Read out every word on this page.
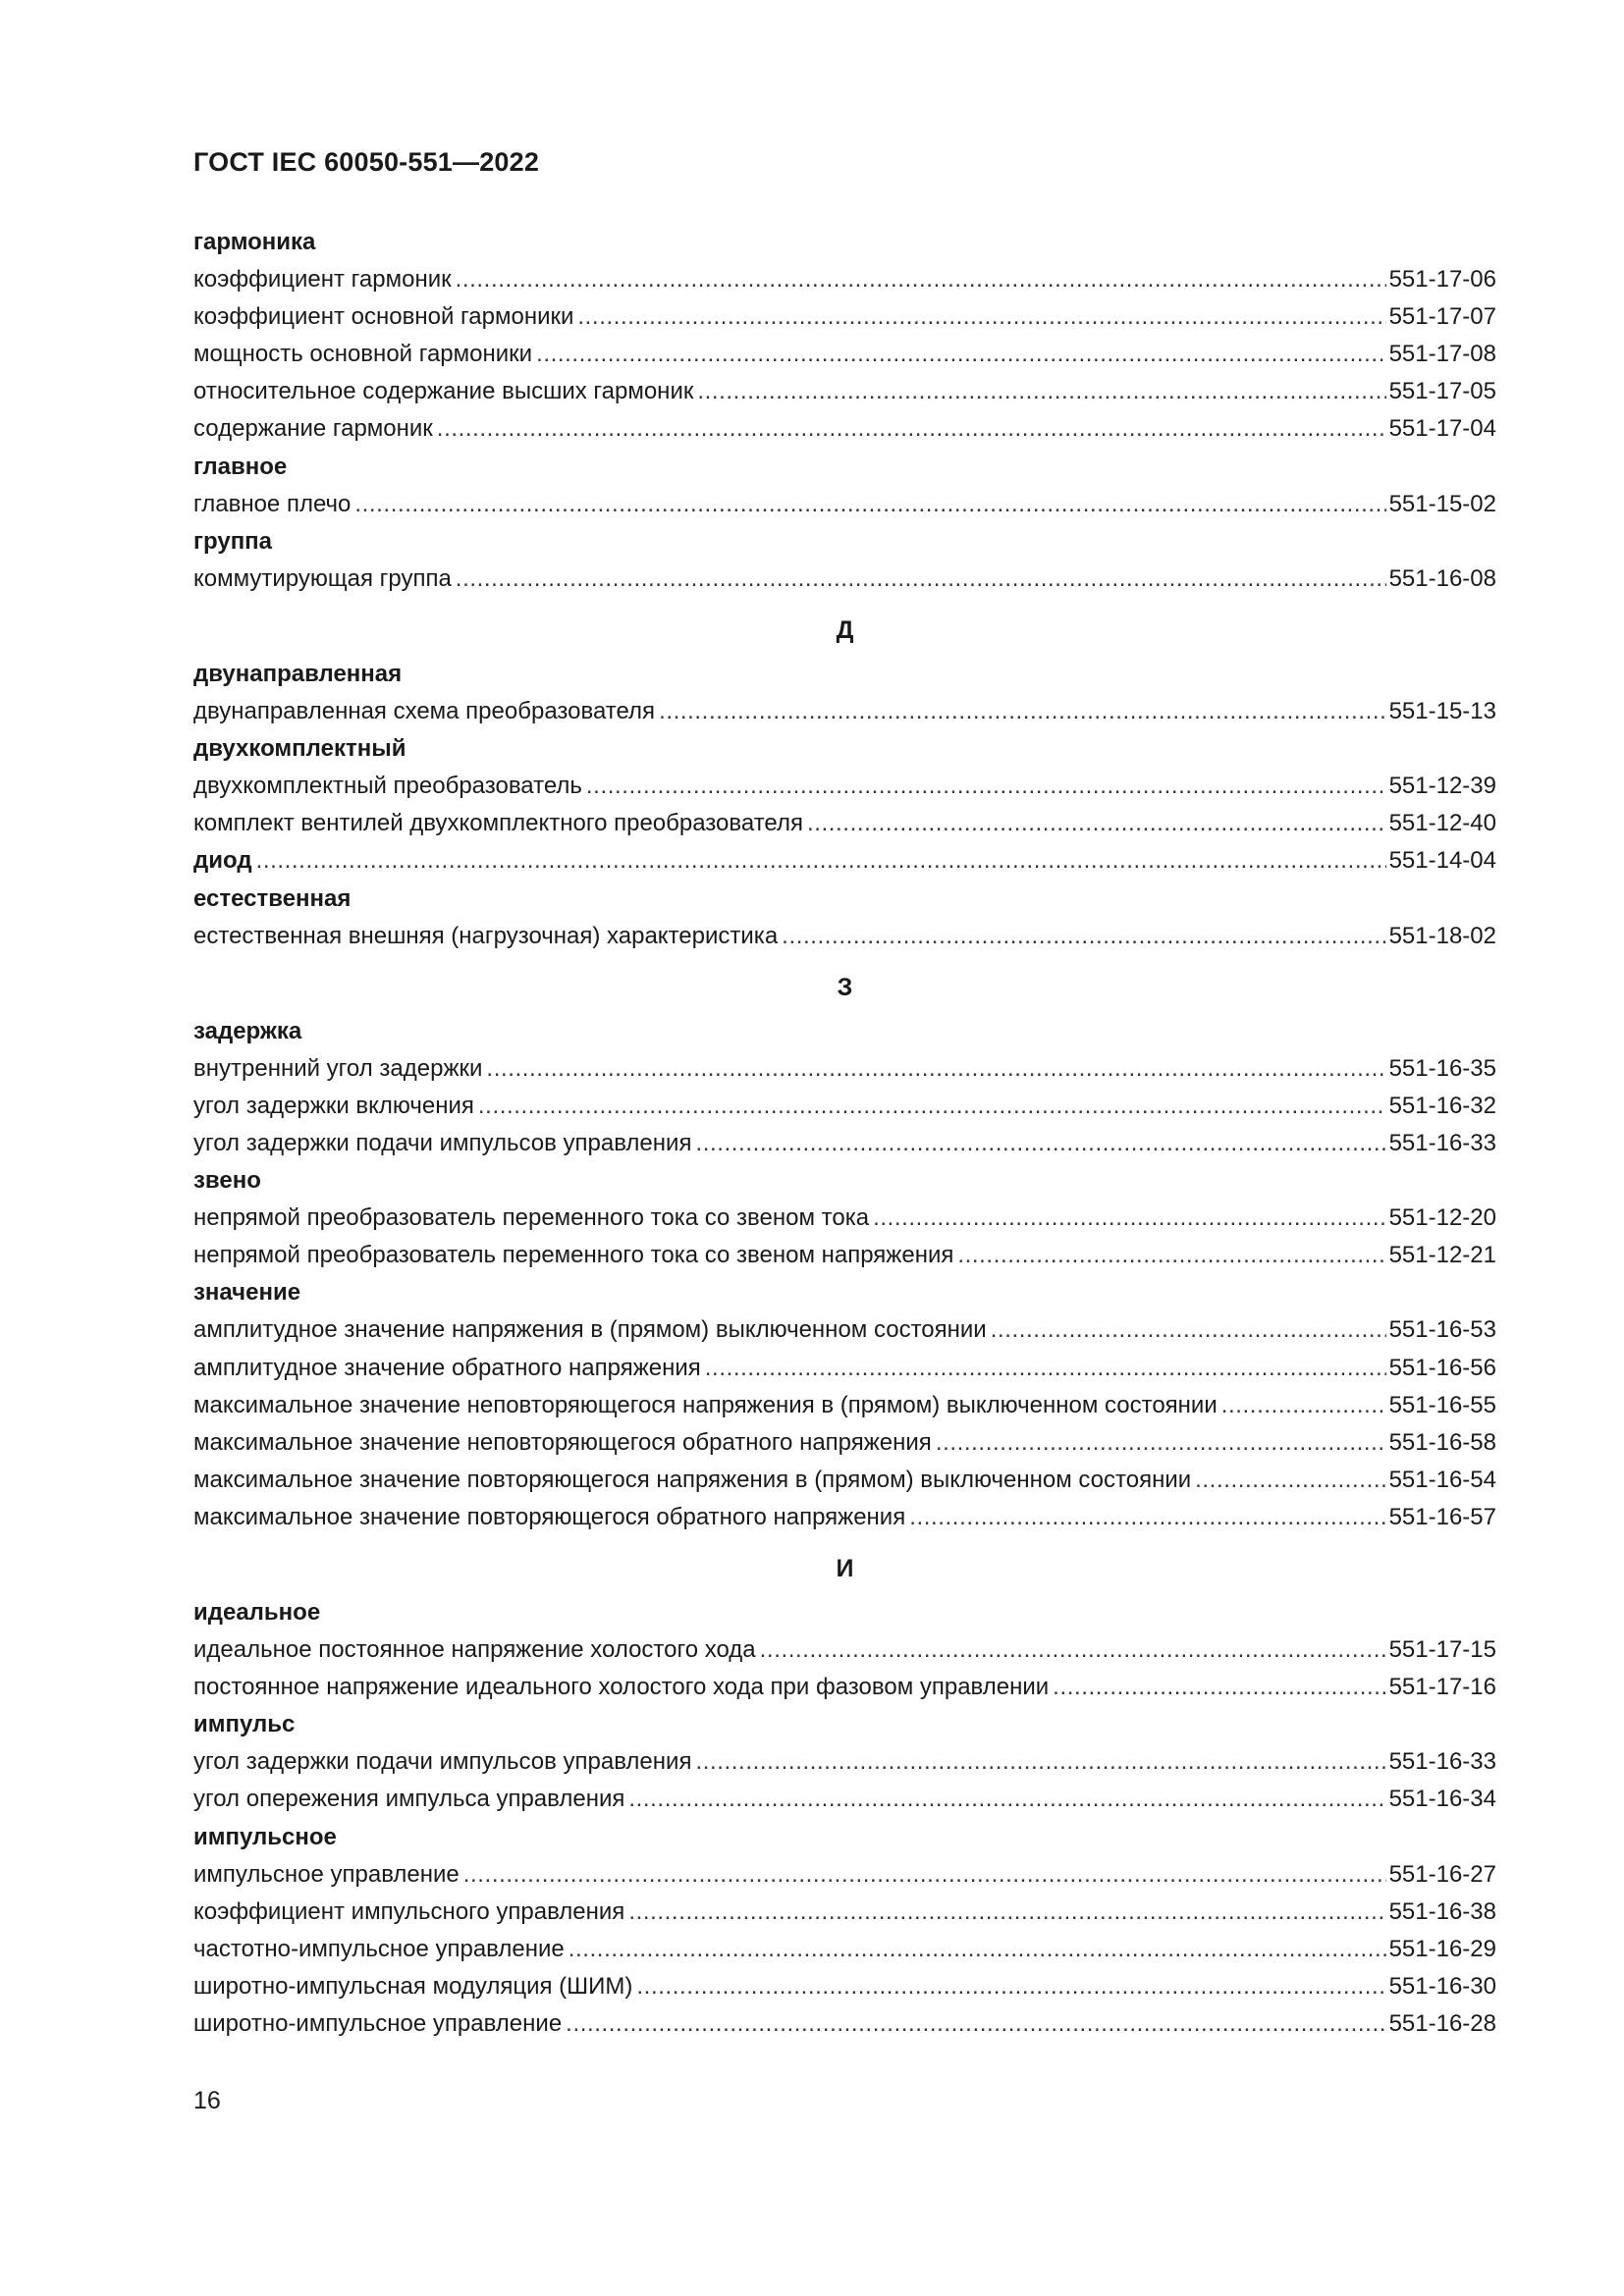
ГОСТ IEC 60050-551—2022
гармоника
коэффициент гармоник .....	551-17-06
коэффициент основной гармоники .....	551-17-07
мощность основной гармоники .....	551-17-08
относительное содержание высших гармоник .....	551-17-05
содержание гармоник .....	551-17-04
главное
главное плечо .....	551-15-02
группа
коммутирующая группа .....	551-16-08
Д
двунаправленная
двунаправленная схема преобразователя .....	551-15-13
двухкомплектный
двухкомплектный преобразователь .....	551-12-39
комплект вентилей двухкомплектного преобразователя .....	551-12-40
диод .....	551-14-04
естественная
естественная внешняя (нагрузочная) характеристика .....	551-18-02
З
задержка
внутренний угол задержки .....	551-16-35
угол задержки включения .....	551-16-32
угол задержки подачи импульсов управления .....	551-16-33
звено
непрямой преобразователь переменного тока со звеном тока .....	551-12-20
непрямой преобразователь переменного тока со звеном напряжения .....	551-12-21
значение
амплитудное значение напряжения в (прямом) выключенном состоянии .....	551-16-53
амплитудное значение обратного напряжения .....	551-16-56
максимальное значение неповторяющегося напряжения в (прямом) выключенном состоянии .....	551-16-55
максимальное значение неповторяющегося обратного напряжения .....	551-16-58
максимальное значение повторяющегося напряжения в (прямом) выключенном состоянии .....	551-16-54
максимальное значение повторяющегося обратного напряжения .....	551-16-57
И
идеальное
идеальное постоянное напряжение холостого хода .....	551-17-15
постоянное напряжение идеального холостого хода при фазовом управлении .....	551-17-16
импульс
угол задержки подачи импульсов управления .....	551-16-33
угол опережения импульса управления .....	551-16-34
импульсное
импульсное управление .....	551-16-27
коэффициент импульсного управления .....	551-16-38
частотно-импульсное управление .....	551-16-29
широтно-импульсная модуляция (ШИМ) .....	551-16-30
широтно-импульсное управление .....	551-16-28
16
